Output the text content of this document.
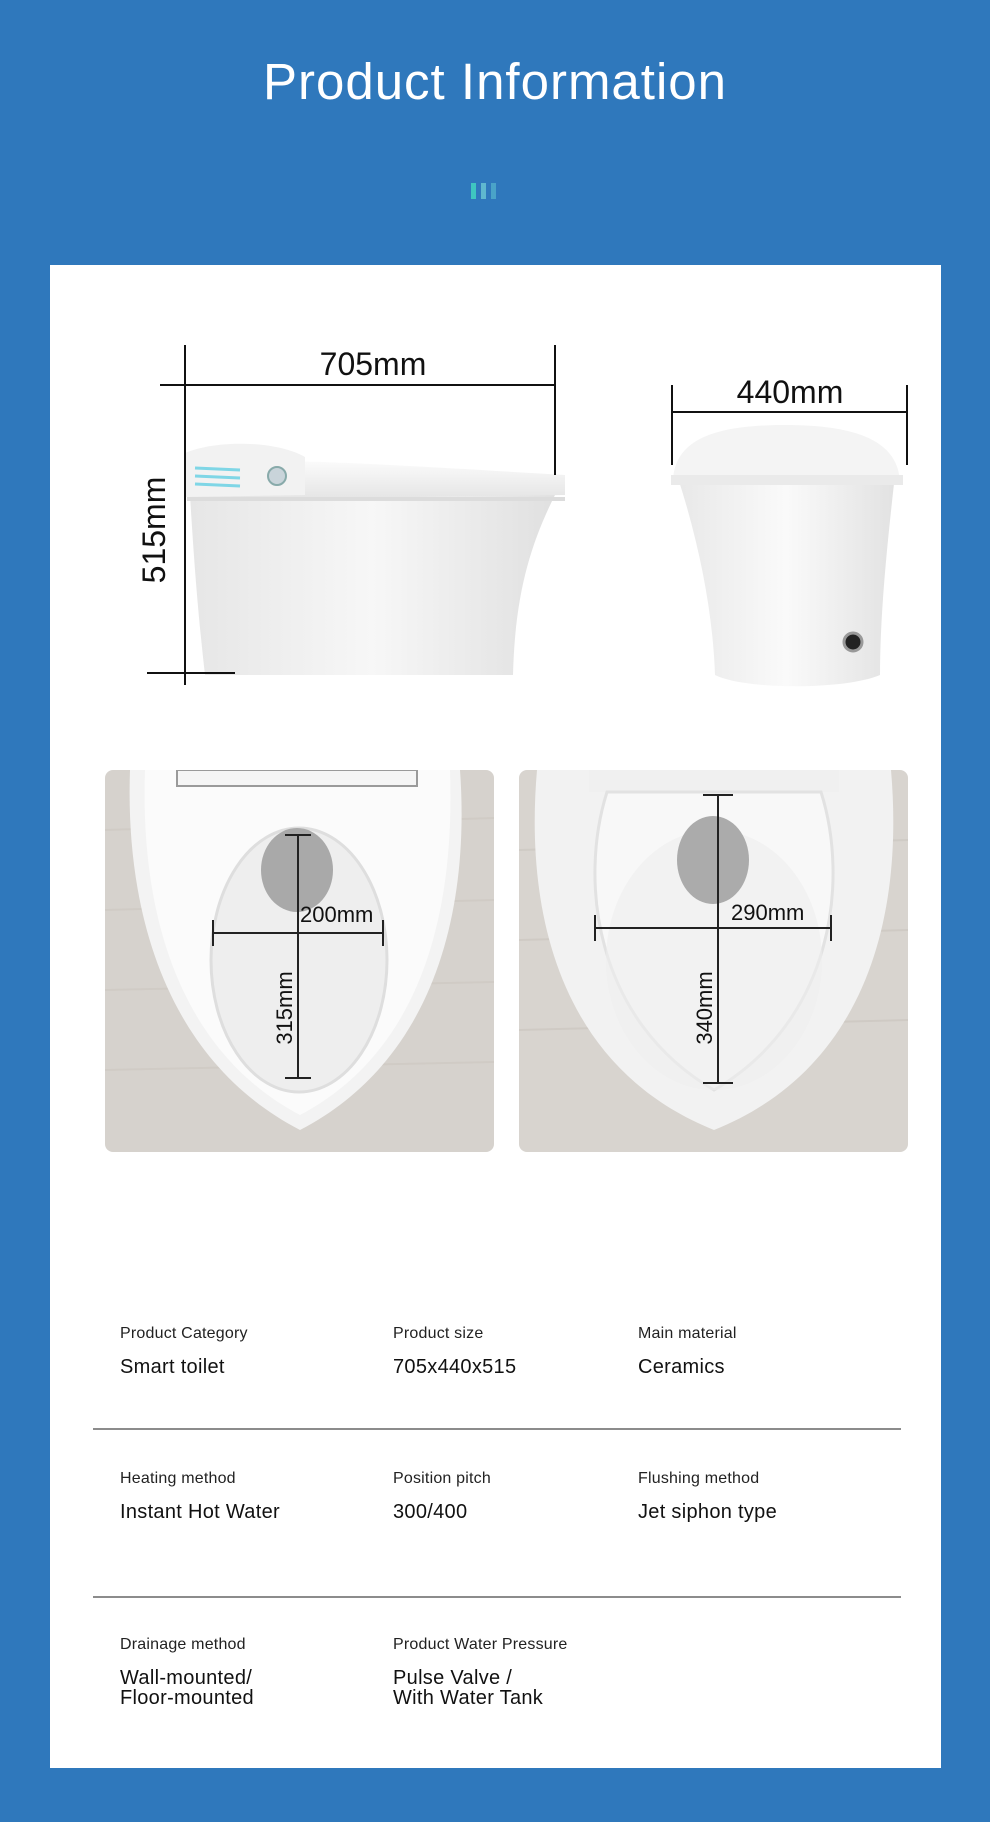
Product Information
705mm
515mm
440mm
200mm
315mm
290mm
340mm
Product Category
Smart toilet
Product size
705x440x515
Main material
Ceramics
Heating method
Instant Hot Water
Position pitch
300/400
Flushing method
Jet siphon type
Drainage method
Wall-mounted/
Floor-mounted
Product Water Pressure
Pulse Valve /
With Water Tank
